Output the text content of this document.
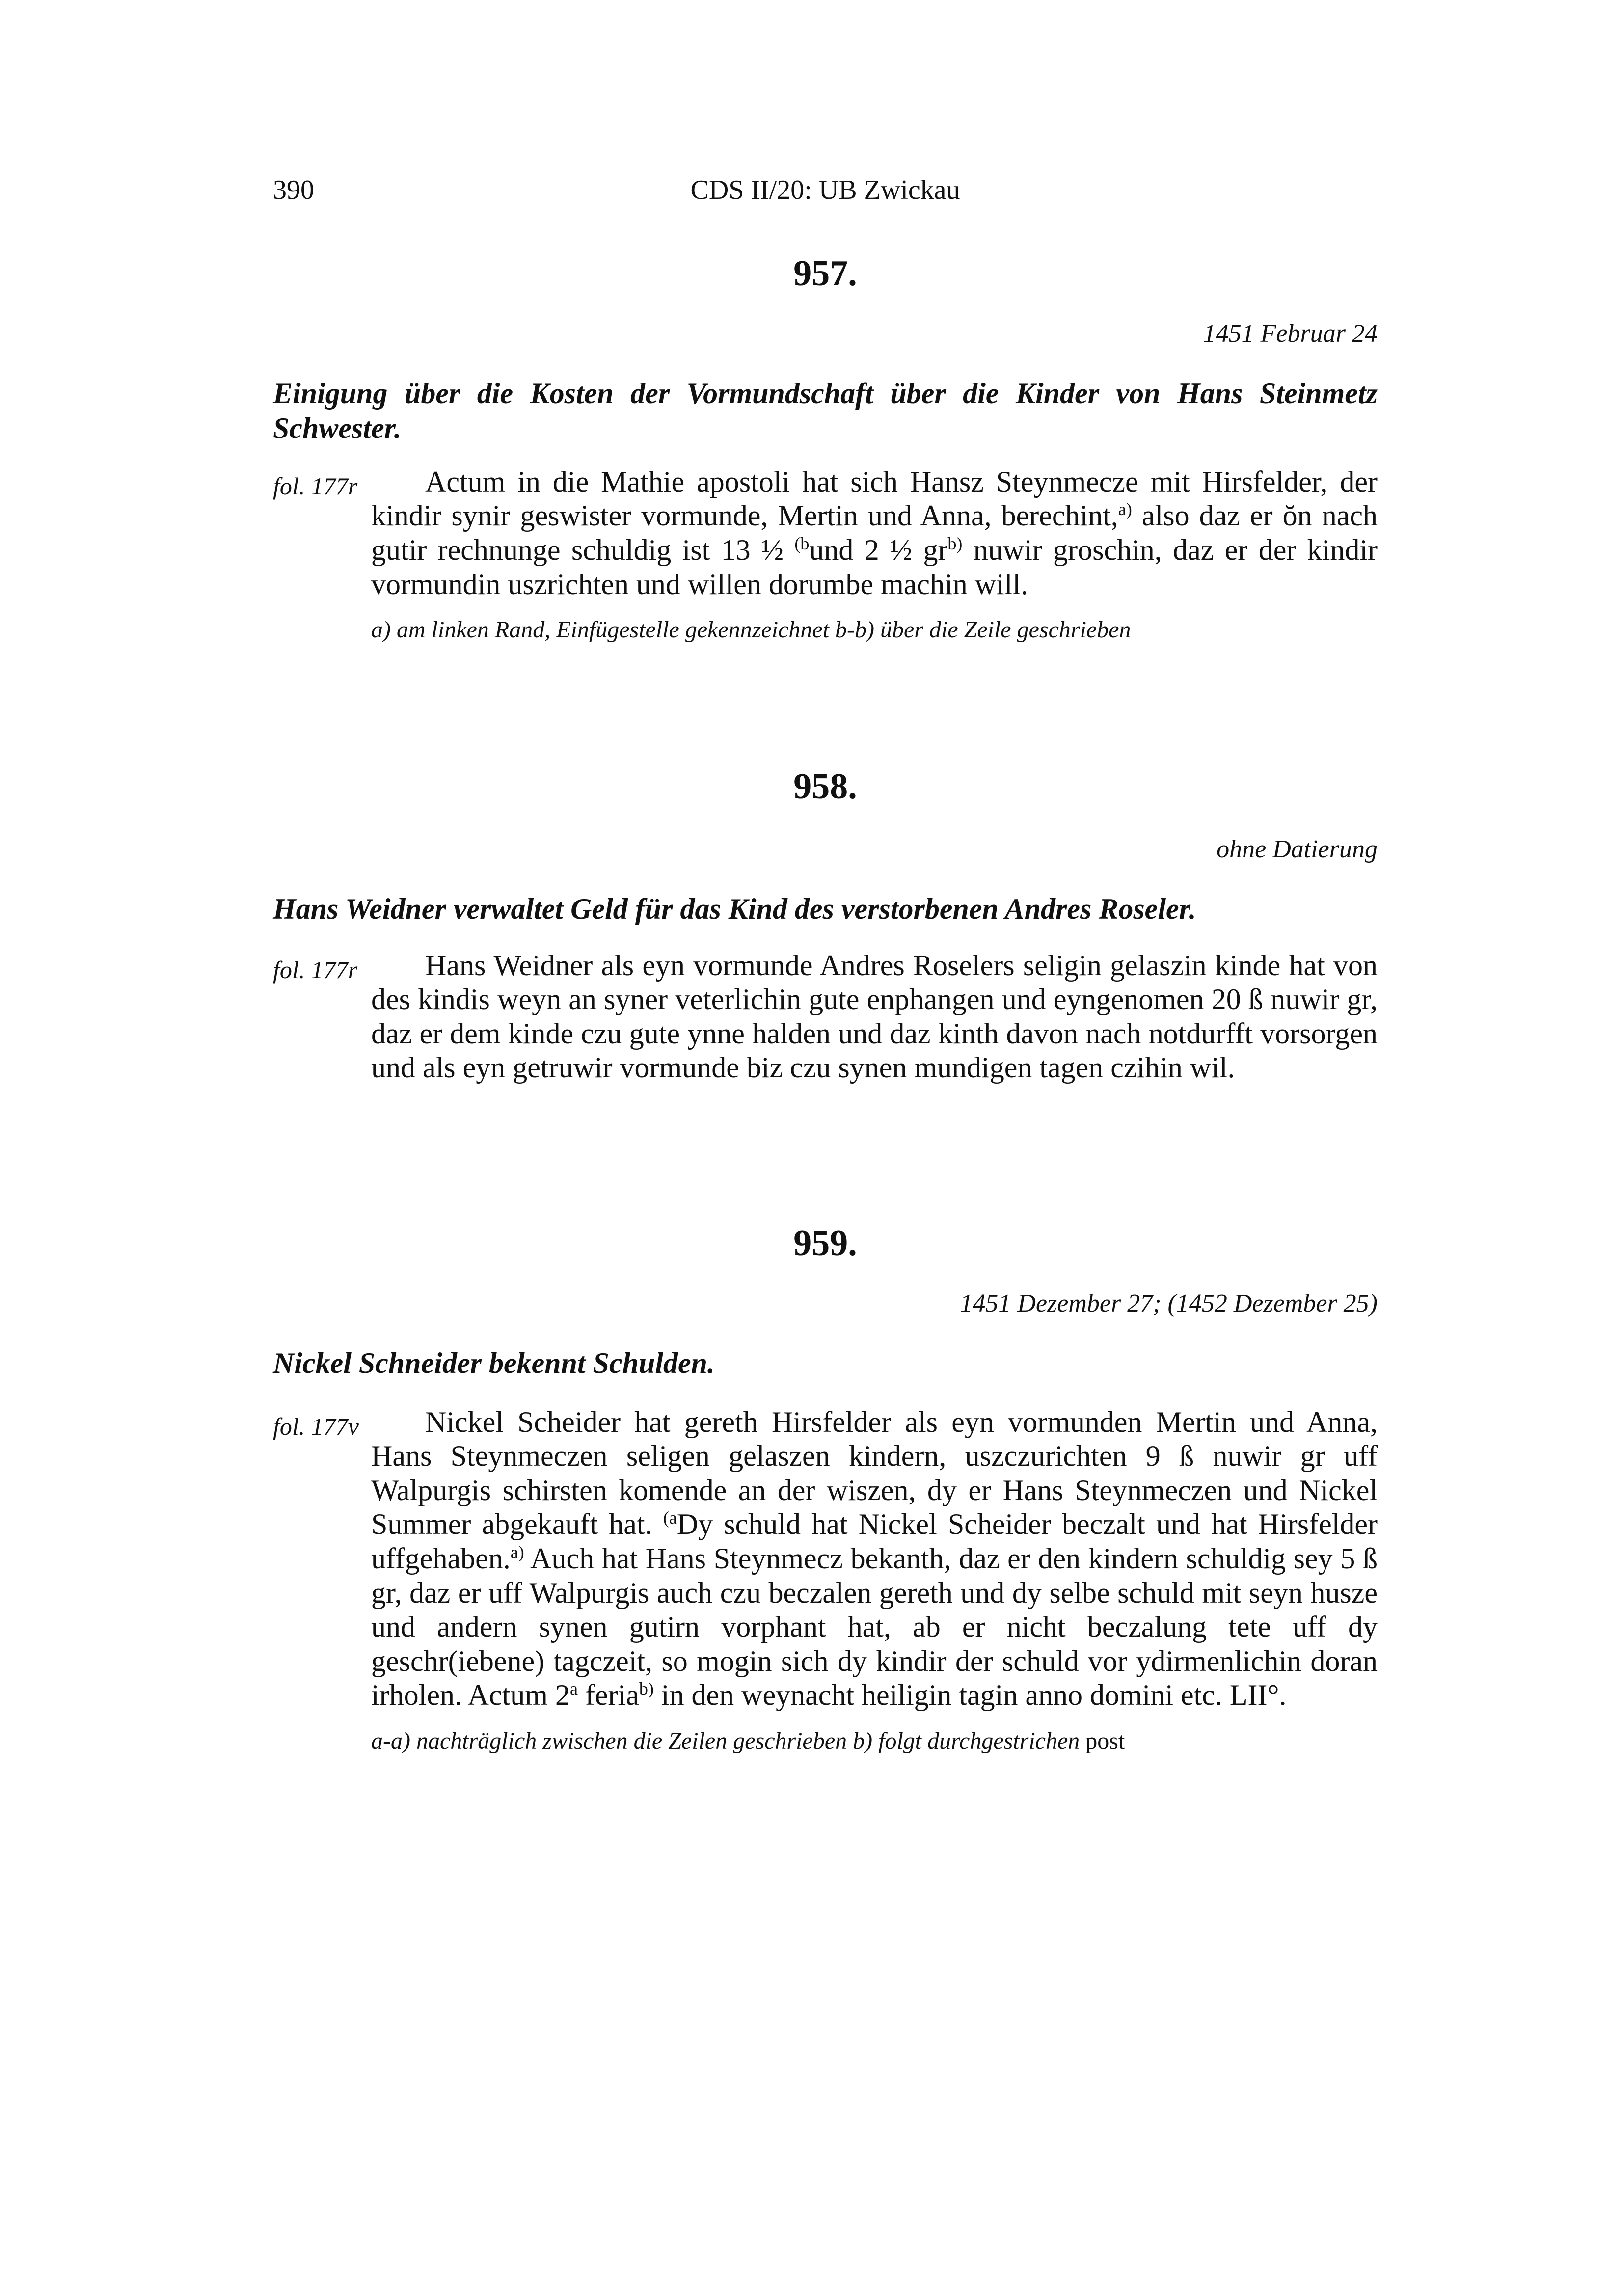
390	CDS II/20: UB Zwickau
957.
1451 Februar 24
Einigung über die Kosten der Vormundschaft über die Kinder von Hans Steinmetz Schwester.
fol. 177r	Actum in die Mathie apostoli hat sich Hansz Steynmecze mit Hirsfelder, der kindir synir geswister vormunde, Mertin und Anna, berechint,$^{a)}$ also daz er ŏn nach gutir rechnunge schuldig ist 13 ½ $^{(b}$und 2 ½ $gr^{b)}$ nuwir groschin, daz er der kindir vormundin uszrichten und willen dorumbe machin will.

a) am linken Rand, Einfügestelle gekennzeichnet b-b) über die Zeile geschrieben
958.
ohne Datierung
Hans Weidner verwaltet Geld für das Kind des verstorbenen Andres Roseler.
fol. 177r	Hans Weidner als eyn vormunde Andres Roselers seligin gelaszin kinde hat von des kindis weyn an syner veterlichin gute enphangen und eyngenomen 20 ß nuwir gr, daz er dem kinde czu gute ynne halden und daz kinth davon nach notdurfft vorsorgen und als eyn getruwir vormunde biz czu synen mundigen tagen czihin wil.

959.
1451 Dezember 27; (1452 Dezember 25)
Nickel Schneider bekennt Schulden.
fol. 177v	Nickel Scheider hat gereth Hirsfelder als eyn vormunden Mertin und Anna, Hans Steynmeczen seligen gelaszen kindern, uszczurichten 9 ß nuwir gr uff Walpurgis schirsten komende an der wiszen, dy er Hans Steynmeczen und Nickel Summer abgekauft hat. $^{(a}$Dy schuld hat Nickel Scheider beczalt und hat Hirsfelder uffgehaben.$^{a)}$ Auch hat Hans Steynmecz bekanth, daz er den kindern schuldig sey 5 ß gr, daz er uff Walpurgis auch czu beczalen gereth und dy selbe schuld mit seyn husze und andern synen gutirn vorphant hat, ab er nicht beczalung tete uff dy geschr(iebene) tagczeit, so mogin sich dy kindir der schuld vor ydirmenlichin doran irholen. Actum 2$^a$ feria$^{b)}$ in den weynacht heiligin tagin anno domini etc. LII°.

a-a) nachträglich zwischen die Zeilen geschrieben b) folgt durchgestrichen post
